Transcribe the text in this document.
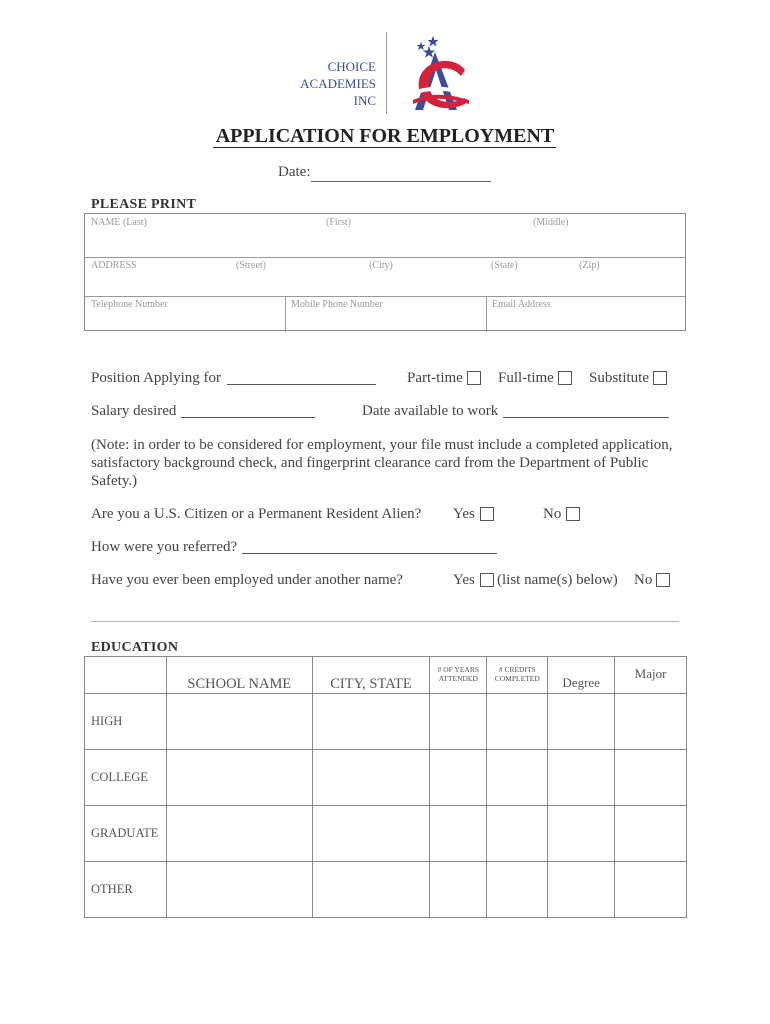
CHOICE
ACADEMIES
INC
APPLICATION FOR EMPLOYMENT
Date:
PLEASE PRINT
NAME (Last)	(First)	(Middle)
ADDRESS	(Street)	(City)	(State)	(Zip)
Telephone Number	Mobile Phone Number	Email Address
Position Applying for	Part-time Full-time Substitute
Salary desired	Date available to work
(Note: in order to be considered for employment, your file must include a completed application, satisfactory background check, and fingerprint clearance card from the Department of Public Safety.)
Are you a U.S. Citizen or a Permanent Resident Alien? Yes	No
How were you referred?
Have you ever been employed under another name?	Yes (list name(s) below) No
EDUCATION
	SCHOOL NAME	CITY, STATE	# OF YEARS ATTENDED	# CREDITS COMPLETED	Degree	Major
HIGH						
COLLEGE						
GRADUATE						
OTHER						
